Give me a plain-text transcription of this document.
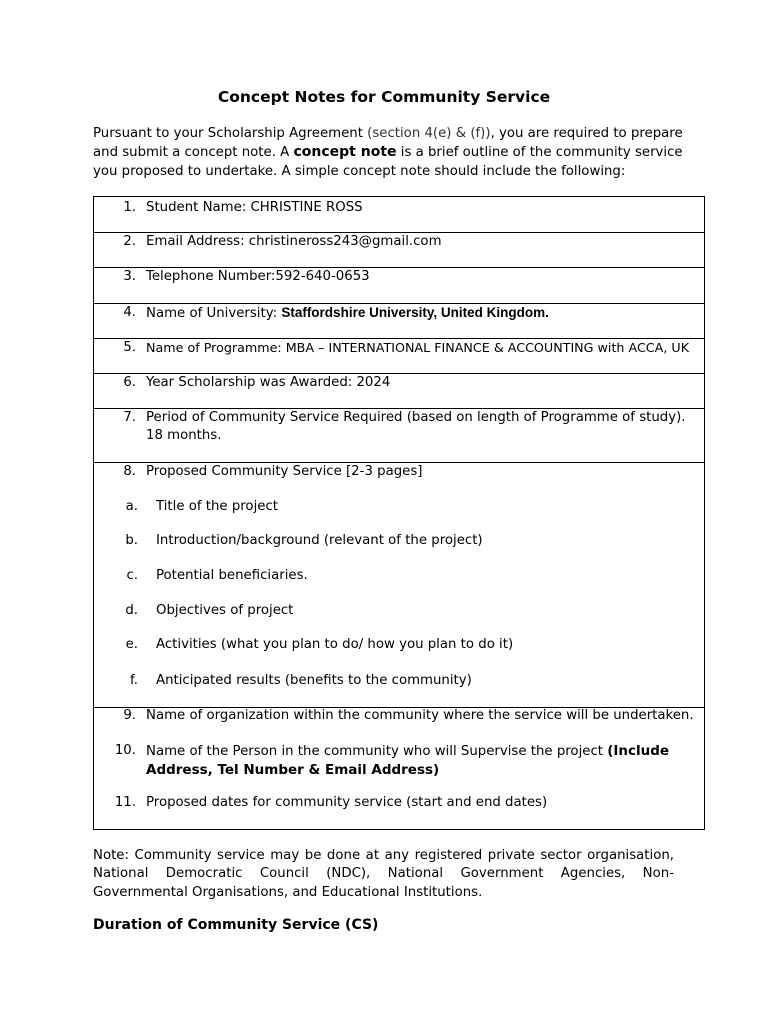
Concept Notes for Community Service
Pursuant to your Scholarship Agreement (section 4(e) & (f)), you are required to prepare and submit a concept note. A concept note is a brief outline of the community service you proposed to undertake. A simple concept note should include the following:
1. Student Name: CHRISTINE ROSS
2. Email Address: christineross243@gmail.com
3. Telephone Number:592-640-0653
4. Name of University: Staffordshire University, United Kingdom.
5. Name of Programme: MBA – INTERNATIONAL FINANCE & ACCOUNTING with ACCA, UK
6. Year Scholarship was Awarded: 2024
7. Period of Community Service Required (based on length of Programme of study). 18 months.
8. Proposed Community Service [2-3 pages]
a. Title of the project
b. Introduction/background (relevant of the project)
c. Potential beneficiaries.
d. Objectives of project
e. Activities (what you plan to do/ how you plan to do it)
f. Anticipated results (benefits to the community)
9. Name of organization within the community where the service will be undertaken.
10. Name of the Person in the community who will Supervise the project (Include Address, Tel Number & Email Address)
11. Proposed dates for community service (start and end dates)
Note: Community service may be done at any registered private sector organisation, National Democratic Council (NDC), National Government Agencies, Non-Governmental Organisations, and Educational Institutions.
Duration of Community Service (CS)
